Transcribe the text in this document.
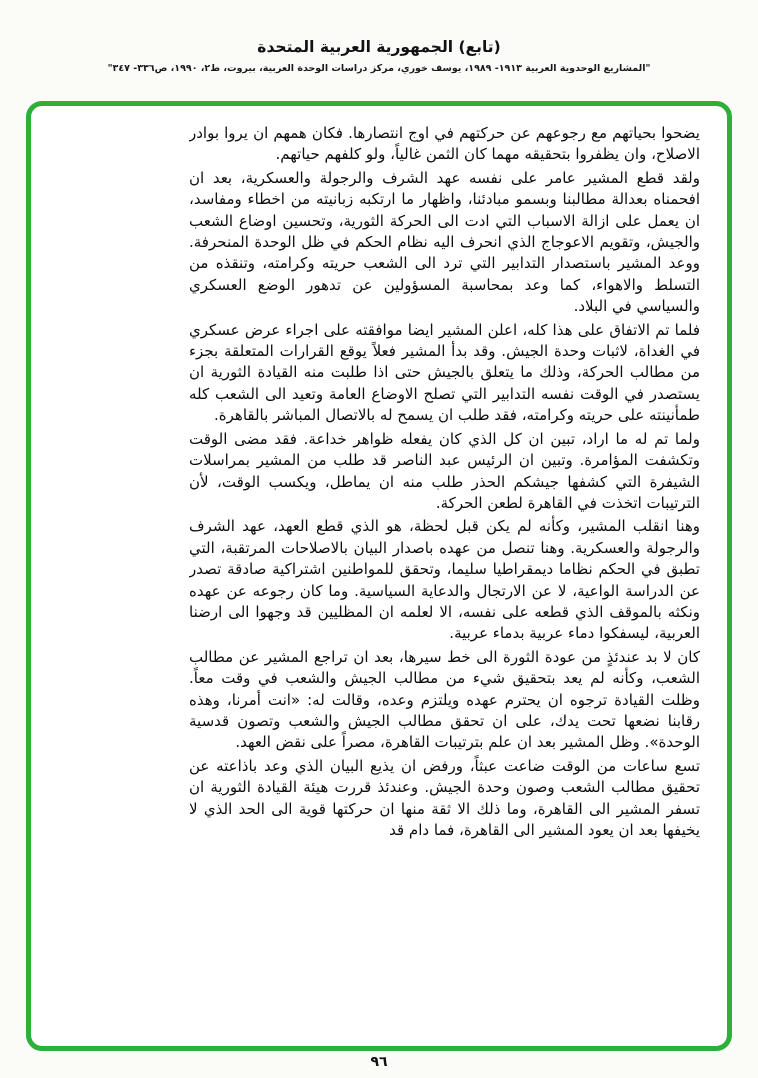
(تابع) الجمهورية العربية المتحدة
"المشاريع الوحدوية العربية ١٩١٣- ١٩٨٩، يوسف خوري، مركز دراسات الوحدة العربية، بيروت، ط٢، ١٩٩٠، ص٣٣٦- ٣٤٧"

يضحوا بحياتهم مع رجوعهم عن حركتهم في اوج انتصارها. فكان همهم ان يروا بوادر الاصلاح، وان يظفروا بتحقيقه مهما كان الثمن غالياً، ولو كلفهم حياتهم.

ولقد قطع المشير عامر على نفسه عهد الشرف والرجولة والعسكرية، بعد ان افحمناه بعدالة مطالبنا وبسمو مبادئنا، واظهار ما ارتكبه زبانيته من اخطاء ومفاسد، ان يعمل على ازالة الاسباب التي ادت الى الحركة الثورية، وتحسين اوضاع الشعب والجيش، وتقويم الاعوجاج الذي انحرف اليه نظام الحكم في ظل الوحدة المنحرفة. ووعد المشير باستصدار التدابير التي ترد الى الشعب حريته وكرامته، وتنقذه من التسلط والاهواء، كما وعد بمحاسبة المسؤولين عن تدهور الوضع العسكري والسياسي في البلاد.

فلما تم الاتفاق على هذا كله، اعلن المشير ايضا موافقته على اجراء عرض عسكري في الغداة، لاثبات وحدة الجيش. وقد بدأ المشير فعلاً يوقع القرارات المتعلقة بجزء من مطالب الحركة، وذلك ما يتعلق بالجيش حتى اذا طلبت منه القيادة الثورية ان يستصدر في الوقت نفسه التدابير التي تصلح الاوضاع العامة وتعيد الى الشعب كله طمأنينته على حريته وكرامته، فقد طلب ان يسمح له بالاتصال المباشر بالقاهرة.

ولما تم له ما اراد، تبين ان كل الذي كان يفعله ظواهر خداعة. فقد مضى الوقت وتكشفت المؤامرة. وتبين ان الرئيس عبد الناصر قد طلب من المشير بمراسلات الشيفرة التي كشفها جيشكم الحذر طلب منه ان يماطل، ويكسب الوقت، لأن الترتيبات اتخذت في القاهرة لطعن الحركة.

وهنا انقلب المشير، وكأنه لم يكن قبل لحظة، هو الذي قطع العهد، عهد الشرف والرجولة والعسكرية. وهنا تنصل من عهده باصدار البيان بالاصلاحات المرتقبة، التي تطبق في الحكم نظاما ديمقراطيا سليما، وتحقق للمواطنين اشتراكية صادقة تصدر عن الدراسة الواعية، لا عن الارتجال والدعاية السياسية. وما كان رجوعه عن عهده ونكثه بالموقف الذي قطعه على نفسه، الا لعلمه ان المظليين قد وجهوا الى ارضنا العربية، ليسفكوا دماء عربية بدماء عربية.

كان لا بد عندئذٍ من عودة الثورة الى خط سيرها، بعد ان تراجع المشير عن مطالب الشعب، وكأنه لم يعد بتحقيق شيء من مطالب الجيش والشعب في وقت معاً. وظلت القيادة ترجوه ان يحترم عهده ويلتزم وعده، وقالت له: «انت أمرنا، وهذه رقابنا نضعها تحت يدك، على ان تحقق مطالب الجيش والشعب وتصون قدسية الوحدة». وظل المشير بعد ان علم بترتيبات القاهرة، مصراً على نقض العهد.

تسع ساعات من الوقت ضاعت عبثاً، ورفض ان يذيع البيان الذي وعد باذاعته عن تحقيق مطالب الشعب وصون وحدة الجيش. وعندئذ قررت هيئة القيادة الثورية ان تسفر المشير الى القاهرة، وما ذلك الا ثقة منها ان حركتها قوية الى الحد الذي لا يخيفها بعد ان يعود المشير الى القاهرة، فما دام قد

٩٦
